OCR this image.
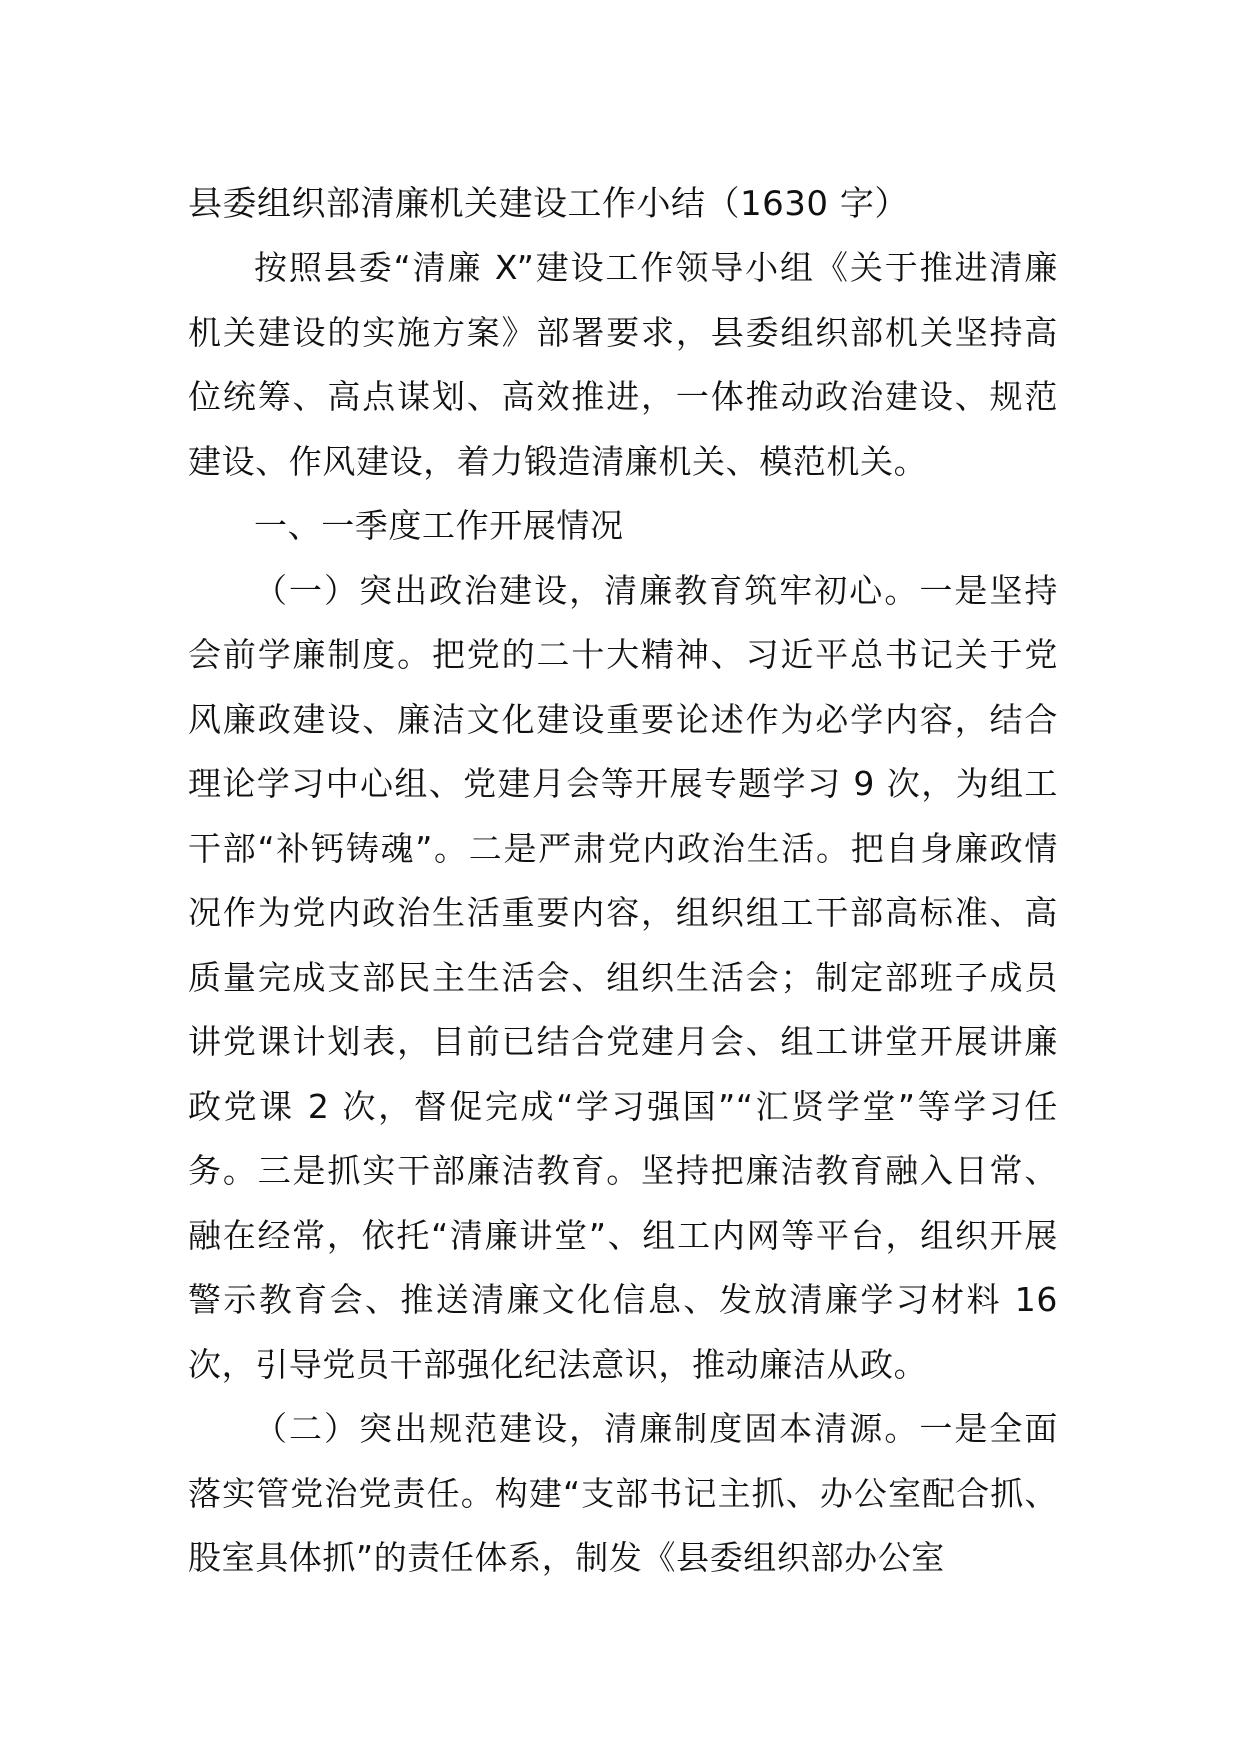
县委组织部清廉机关建设工作小结（1630 字）

按照县委“清廉 X”建设工作领导小组《关于推进清廉机关建设的实施方案》部署要求，县委组织部机关坚持高位统筹、高点谋划、高效推进，一体推动政治建设、规范建设、作风建设，着力锻造清廉机关、模范机关。

一、一季度工作开展情况

（一）突出政治建设，清廉教育筑牢初心。一是坚持会前学廉制度。把党的二十大精神、习近平总书记关于党风廉政建设、廉洁文化建设重要论述作为必学内容，结合理论学习中心组、党建月会等开展专题学习 9 次，为组工干部“补钙铸魂”。二是严肃党内政治生活。把自身廉政情况作为党内政治生活重要内容，组织组工干部高标准、高质量完成支部民主生活会、组织生活会；制定部班子成员讲党课计划表，目前已结合党建月会、组工讲堂开展讲廉政党课 2 次，督促完成“学习强国”“汇贤学堂”等学习任务。三是抓实干部廉洁教育。坚持把廉洁教育融入日常、融在经常，依托“清廉讲堂”、组工内网等平台，组织开展警示教育会、推送清廉文化信息、发放清廉学习材料 16 次，引导党员干部强化纪法意识，推动廉洁从政。

（二）突出规范建设，清廉制度固本清源。一是全面落实管党治党责任。构建“支部书记主抓、办公室配合抓、股室具体抓”的责任体系，制发《县委组织部办公室
